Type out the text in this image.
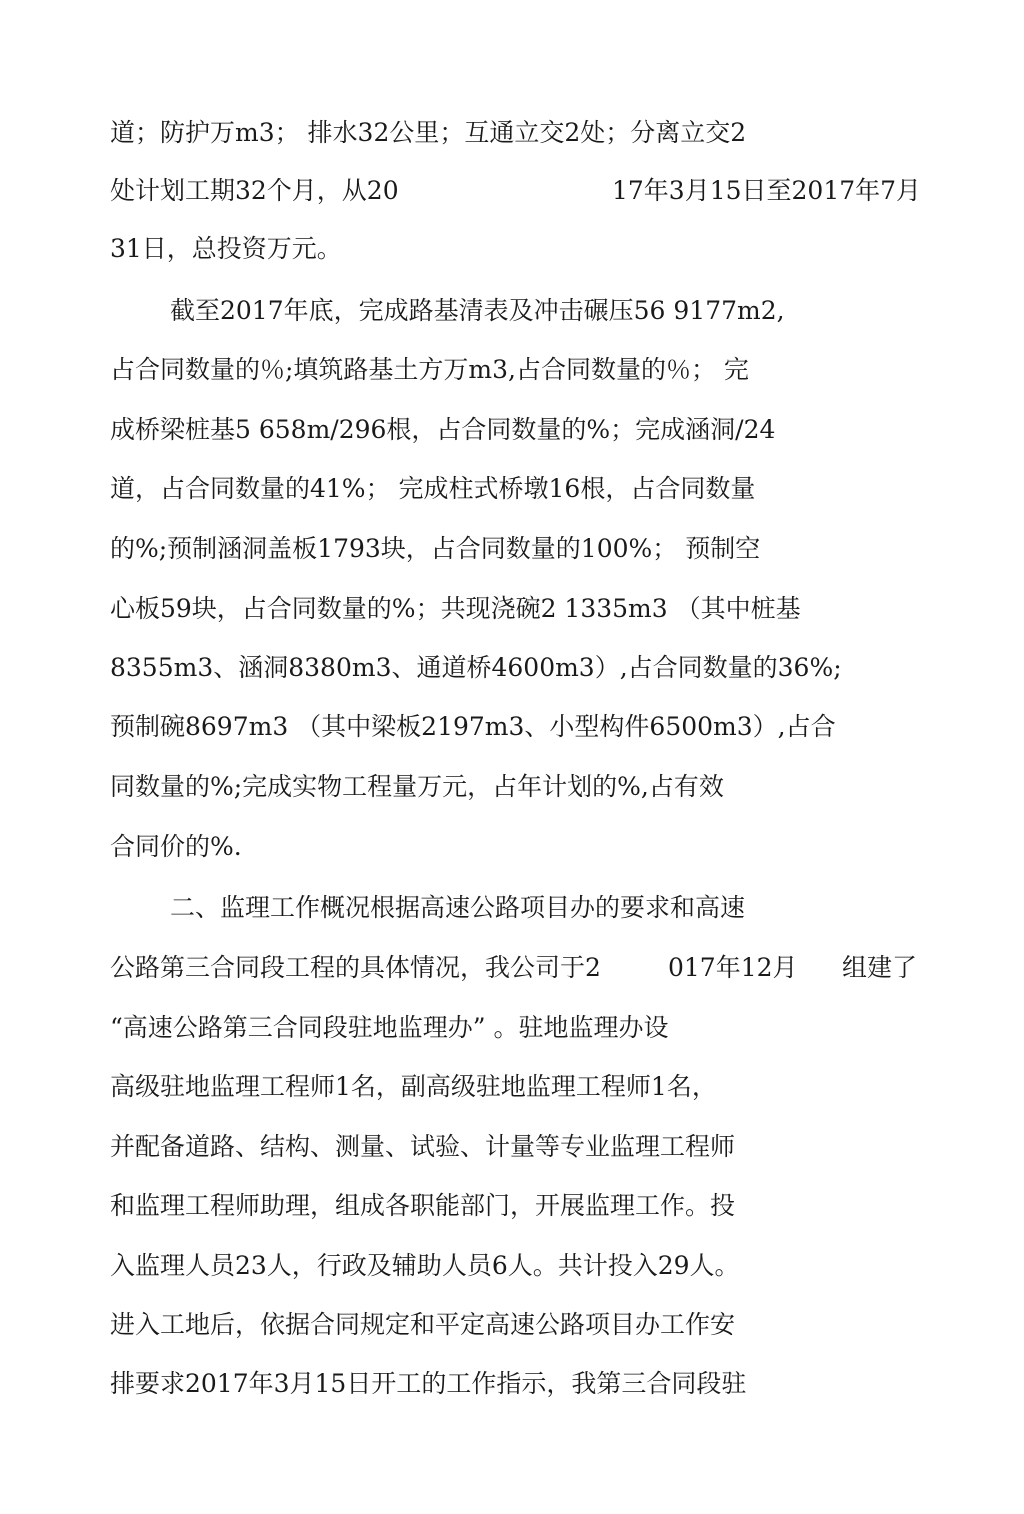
道；防护万m3； 排水32公里；互通立交2处；分离立交2
处计划工期32个月，从20	17年3月15日至2017年7月
31日，总投资万元。
截至2017年底，完成路基清表及冲击碾压56 9177m2,
占合同数量的％;填筑路基土方万m3,占合同数量的％； 完
成桥梁桩基5 658m/296根，占合同数量的%；完成涵洞/24
道，占合同数量的41%； 完成柱式桥墩16根，占合同数量
的%;预制涵洞盖板1793块，占合同数量的100%； 预制空
心板59块，占合同数量的%；共现浇碗2 1335m3 （其中桩基
8355m3、涵洞8380m3、通道桥4600m3）,占合同数量的36%;
预制碗8697m3 （其中梁板2197m3、小型构件6500m3）,占合
同数量的%;完成实物工程量万元，占年计划的%,占有效
合同价的%.
二、监理工作概况根据高速公路项目办的要求和高速
公路第三合同段工程的具体情况，我公司于2	017年12月 组建了
“高速公路第三合同段驻地监理办” 。驻地监理办设
高级驻地监理工程师1名，副高级驻地监理工程师1名，
并配备道路、结构、测量、试验、计量等专业监理工程师
和监理工程师助理，组成各职能部门，开展监理工作。投
入监理人员23人，行政及辅助人员6人。共计投入29人。
进入工地后，依据合同规定和平定高速公路项目办工作安
排要求2017年3月15日开工的工作指示，我第三合同段驻
